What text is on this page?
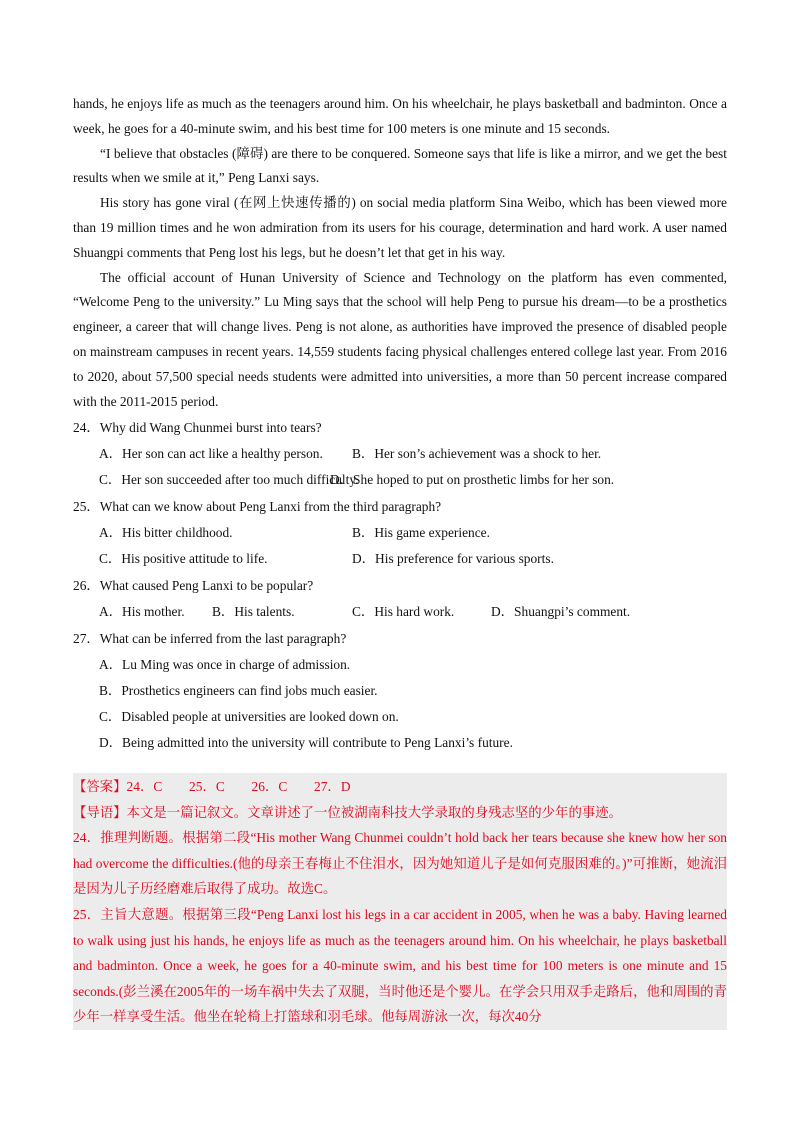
hands, he enjoys life as much as the teenagers around him. On his wheelchair, he plays basketball and badminton. Once a week, he goes for a 40-minute swim, and his best time for 100 meters is one minute and 15 seconds.

“I believe that obstacles (障碍) are there to be conquered. Someone says that life is like a mirror, and we get the best results when we smile at it,” Peng Lanxi says.

His story has gone viral (在网上快速传播的) on social media platform Sina Weibo, which has been viewed more than 19 million times and he won admiration from its users for his courage, determination and hard work. A user named Shuangpi comments that Peng lost his legs, but he doesn’t let that get in his way.

The official account of Hunan University of Science and Technology on the platform has even commented, “Welcome Peng to the university.” Lu Ming says that the school will help Peng to pursue his dream—to be a prosthetics engineer, a career that will change lives. Peng is not alone, as authorities have improved the presence of disabled people on mainstream campuses in recent years. 14,559 students facing physical challenges entered college last year. From 2016 to 2020, about 57,500 special needs students were admitted into universities, a more than 50 percent increase compared with the 2011-2015 period.

24．Why did Wang Chunmei burst into tears?
A．Her son can act like a healthy person.	B．Her son’s achievement was a shock to her.
C．Her son succeeded after too much difficulty.
D．She hoped to put on prosthetic limbs for her son.
25．What can we know about Peng Lanxi from the third paragraph?
A．His bitter childhood.	B．His game experience.
C．His positive attitude to life.	D．His preference for various sports.
26．What caused Peng Lanxi to be popular?
A．His mother.	B．His talents.	C．His hard work.	D．Shuangpi’s comment.
27．What can be inferred from the last paragraph?
A．Lu Ming was once in charge of admission.
B．Prosthetics engineers can find jobs much easier.
C．Disabled people at universities are looked down on.
D．Being admitted into the university will contribute to Peng Lanxi’s future.

【答案】24．C　　25．C　　26．C　　27．D

【导语】本文是一篇记叙文。文章讲述了一位被湖南科技大学录取的身残志坚的少年的事迹。

24．推理判断题。根据第二段“His mother Wang Chunmei couldn’t hold back her tears because she knew how her son had overcome the difficulties.(他的母亲王春梅止不住泪水，因为她知道儿子是如何克服困难的。)”可推断，她流泪是因为儿子历经磨难后取得了成功。故选C。

25．主旨大意题。根据第三段“Peng Lanxi lost his legs in a car accident in 2005, when he was a baby. Having learned to walk using just his hands, he enjoys life as much as the teenagers around him. On his wheelchair, he plays basketball and badminton. Once a week, he goes for a 40-minute swim, and his best time for 100 meters is one minute and 15 seconds.(彭兰溪在2005年的一场车祸中失去了双腿，当时他还是个婴儿。在学会只用双手走路后，他和周围的青少年一样享受生活。他坐在轮椅上打篮球和羽毛球。他每周游泳一次，每次40分
